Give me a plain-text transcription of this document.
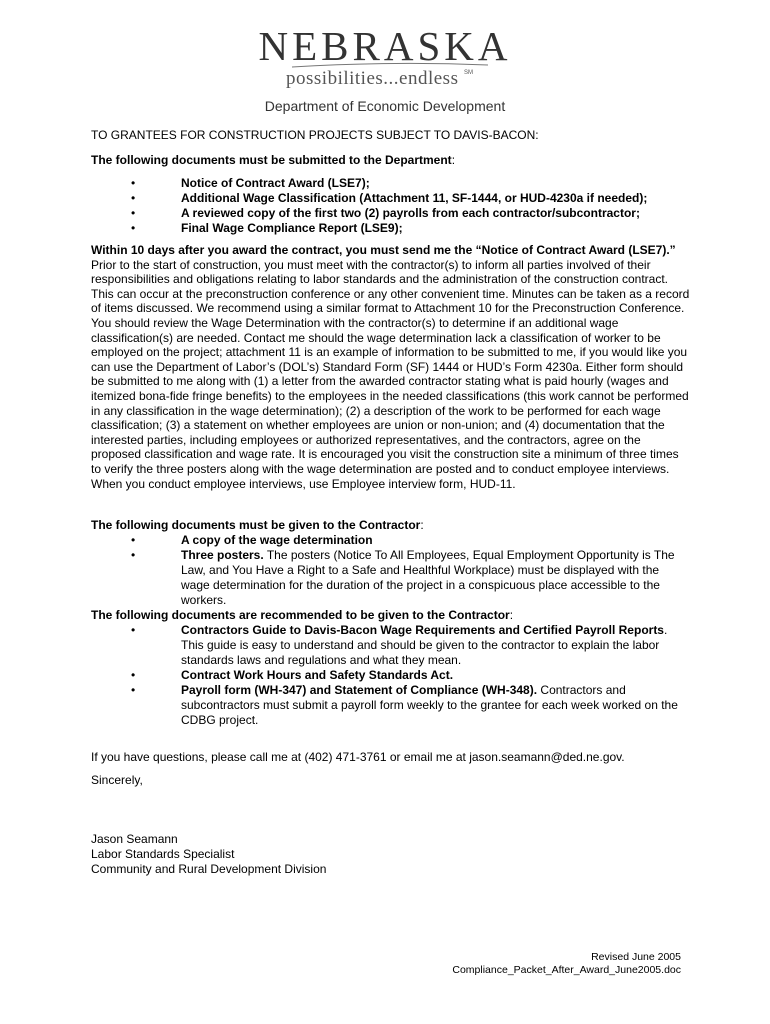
NEBRASKA
possibilities...endless SM
Department of Economic Development
TO GRANTEES FOR CONSTRUCTION PROJECTS SUBJECT TO DAVIS-BACON:
The following documents must be submitted to the Department:
•	Notice of Contract Award (LSE7);
•	Additional Wage Classification (Attachment 11, SF-1444, or HUD-4230a if needed);
•	A reviewed copy of the first two (2) payrolls from each contractor/subcontractor;
•	Final Wage Compliance Report (LSE9);
Within 10 days after you award the contract, you must send me the “Notice of Contract Award (LSE7).” Prior to the start of construction, you must meet with the contractor(s) to inform all parties involved of their responsibilities and obligations relating to labor standards and the administration of the construction contract. This can occur at the preconstruction conference or any other convenient time. Minutes can be taken as a record of items discussed. We recommend using a similar format to Attachment 10 for the Preconstruction Conference. You should review the Wage Determination with the contractor(s) to determine if an additional wage classification(s) are needed. Contact me should the wage determination lack a classification of worker to be employed on the project; attachment 11 is an example of information to be submitted to me, if you would like you can use the Department of Labor’s (DOL’s) Standard Form (SF) 1444 or HUD’s Form 4230a. Either form should be submitted to me along with (1) a letter from the awarded contractor stating what is paid hourly (wages and itemized bona-fide fringe benefits) to the employees in the needed classifications (this work cannot be performed in any classification in the wage determination); (2) a description of the work to be performed for each wage classification; (3) a statement on whether employees are union or non-union; and (4) documentation that the interested parties, including employees or authorized representatives, and the contractors, agree on the proposed classification and wage rate. It is encouraged you visit the construction site a minimum of three times to verify the three posters along with the wage determination are posted and to conduct employee interviews. When you conduct employee interviews, use Employee interview form, HUD-11.
The following documents must be given to the Contractor:
•	A copy of the wage determination
•	Three posters. The posters (Notice To All Employees, Equal Employment Opportunity is The Law, and You Have a Right to a Safe and Healthful Workplace) must be displayed with the wage determination for the duration of the project in a conspicuous place accessible to the workers.
The following documents are recommended to be given to the Contractor:
•	Contractors Guide to Davis-Bacon Wage Requirements and Certified Payroll Reports. This guide is easy to understand and should be given to the contractor to explain the labor standards laws and regulations and what they mean.
•	Contract Work Hours and Safety Standards Act.
•	Payroll form (WH-347) and Statement of Compliance (WH-348). Contractors and subcontractors must submit a payroll form weekly to the grantee for each week worked on the CDBG project.
If you have questions, please call me at (402) 471-3761 or email me at jason.seamann@ded.ne.gov.
Sincerely,
Jason Seamann
Labor Standards Specialist
Community and Rural Development Division
Revised June 2005
Compliance_Packet_After_Award_June2005.doc
